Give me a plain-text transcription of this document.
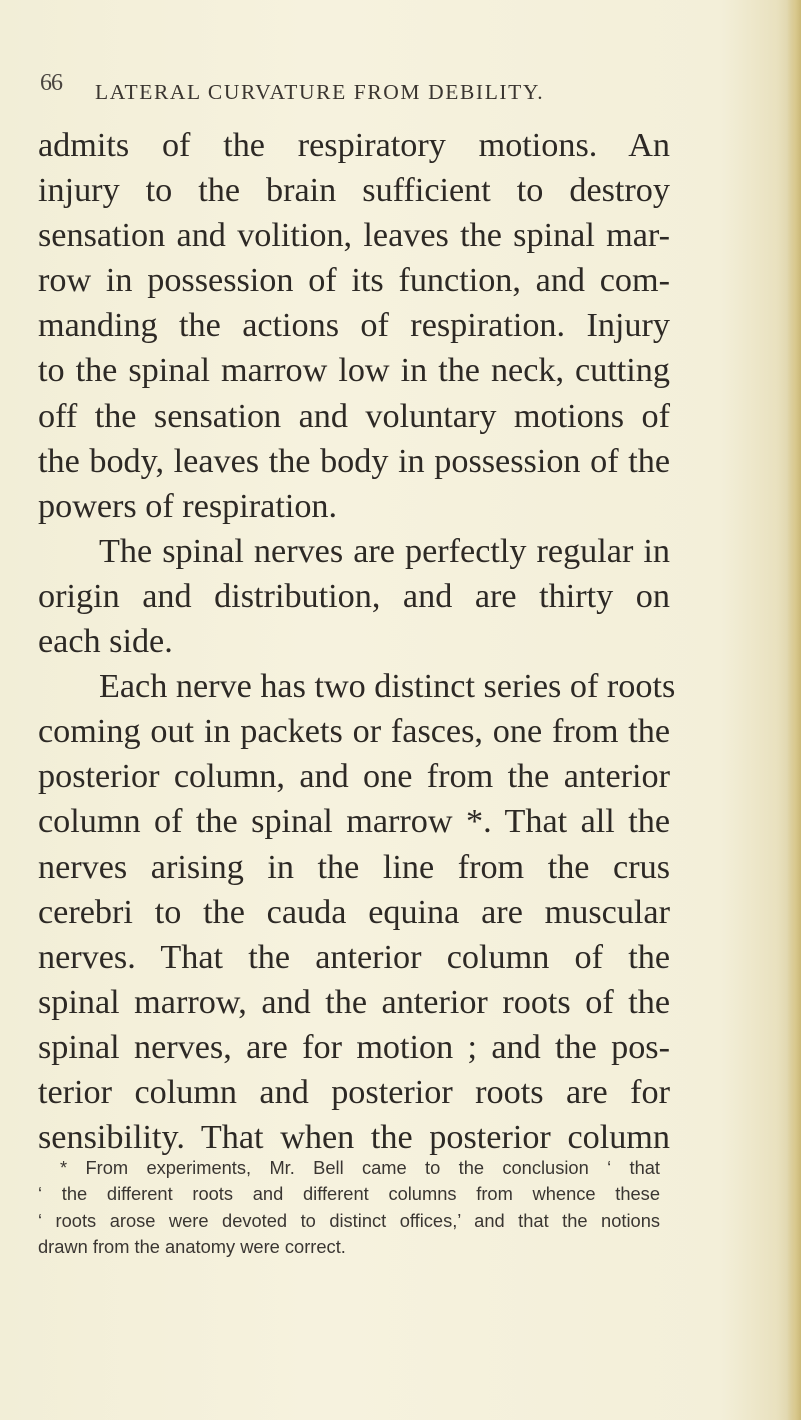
66 LATERAL CURVATURE FROM DEBILITY.
admits of the respiratory motions. An
injury to the brain sufficient to destroy
sensation and volition, leaves the spinal mar-
row in possession of its function, and com-
manding the actions of respiration. Injury
to the spinal marrow low in the neck, cutting
off the sensation and voluntary motions of
the body, leaves the body in possession of the
powers of respiration.
The spinal nerves are perfectly regular in
origin and distribution, and are thirty on
each side.
Each nerve has two distinct series of roots
coming out in packets or fasces, one from the
posterior column, and one from the anterior
column of the spinal marrow *. That all the
nerves arising in the line from the crus
cerebri to the cauda equina are muscular
nerves. That the anterior column of the
spinal marrow, and the anterior roots of the
spinal nerves, are for motion ; and the pos-
terior column and posterior roots are for
sensibility. That when the posterior column
* From experiments, Mr. Bell came to the conclusion ‘ that
‘ the different roots and different columns from whence these
‘ roots arose were devoted to distinct offices,’ and that the notions
drawn from the anatomy were correct.
